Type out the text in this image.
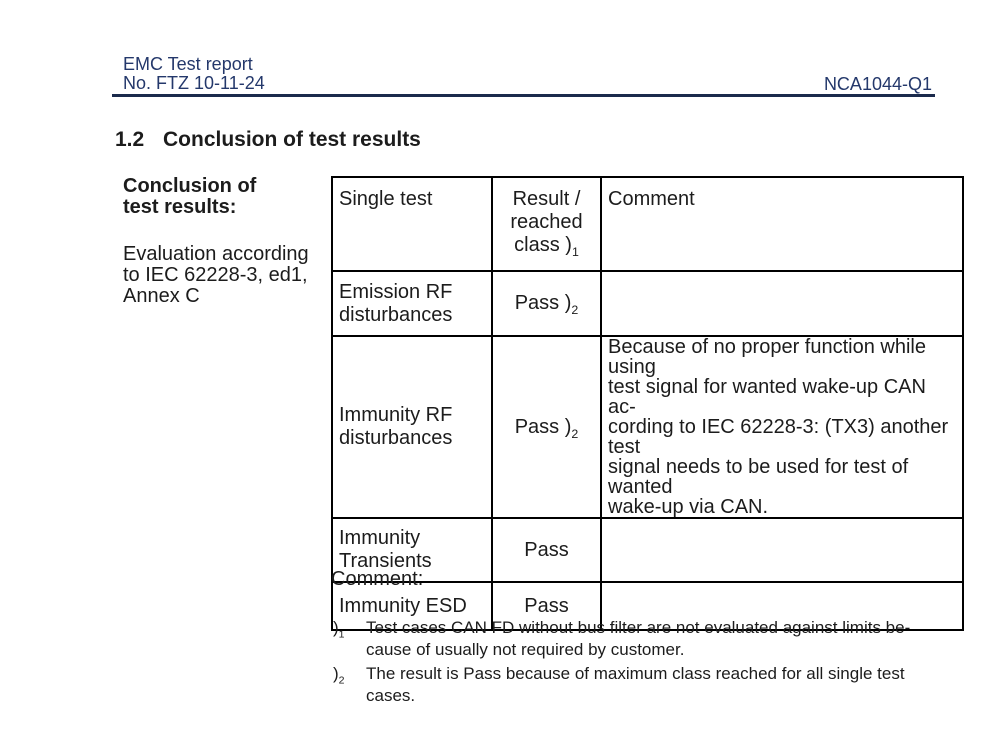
EMC Test report
No. FTZ 10-11-24	NCA1044-Q1
1.2 Conclusion of test results
Conclusion of
test results:
Evaluation according
to IEC 62228-3, ed1,
Annex C
Single test	Result /
reached
class )$_1$	Comment

Emission RF
disturbances	Pass )$_2$	

Immunity RF
disturbances	Pass )$_2$	Because of no proper function while using
test signal for wanted wake-up CAN ac-
cording to IEC 62228-3: (TX3) another test
signal needs to be used for test of wanted
wake-up via CAN.

Immunity
Transients	Pass	

Immunity ESD	Pass	
Comment:
)$_1$	Test cases CAN FD without bus filter are not evaluated against limits be-
cause of usually not required by customer.
)$_2$	The result is Pass because of maximum class reached for all single test
cases.
